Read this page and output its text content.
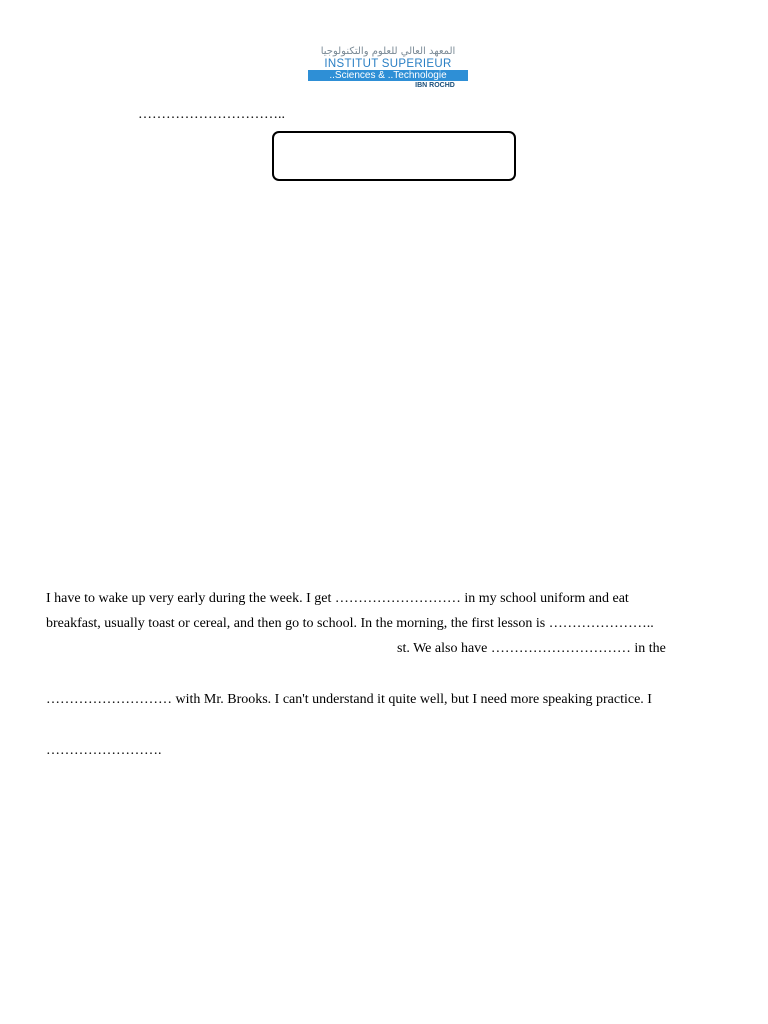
المعهد العالي للعلوم والتكنولوجيا
INSTITUT SUPERIEUR
..Sciences & ..Technologie
IBN ROCHD
…………………………..
I have to wake up very early during the week. I get ……………………… in my school uniform and eat
breakfast, usually toast or cereal, and then go to school. In the morning, the first lesson is …………………..
st. We also have ………………………… in the
……………………… with Mr. Brooks. I can't understand it quite well, but I need more speaking practice. I
…………………….
